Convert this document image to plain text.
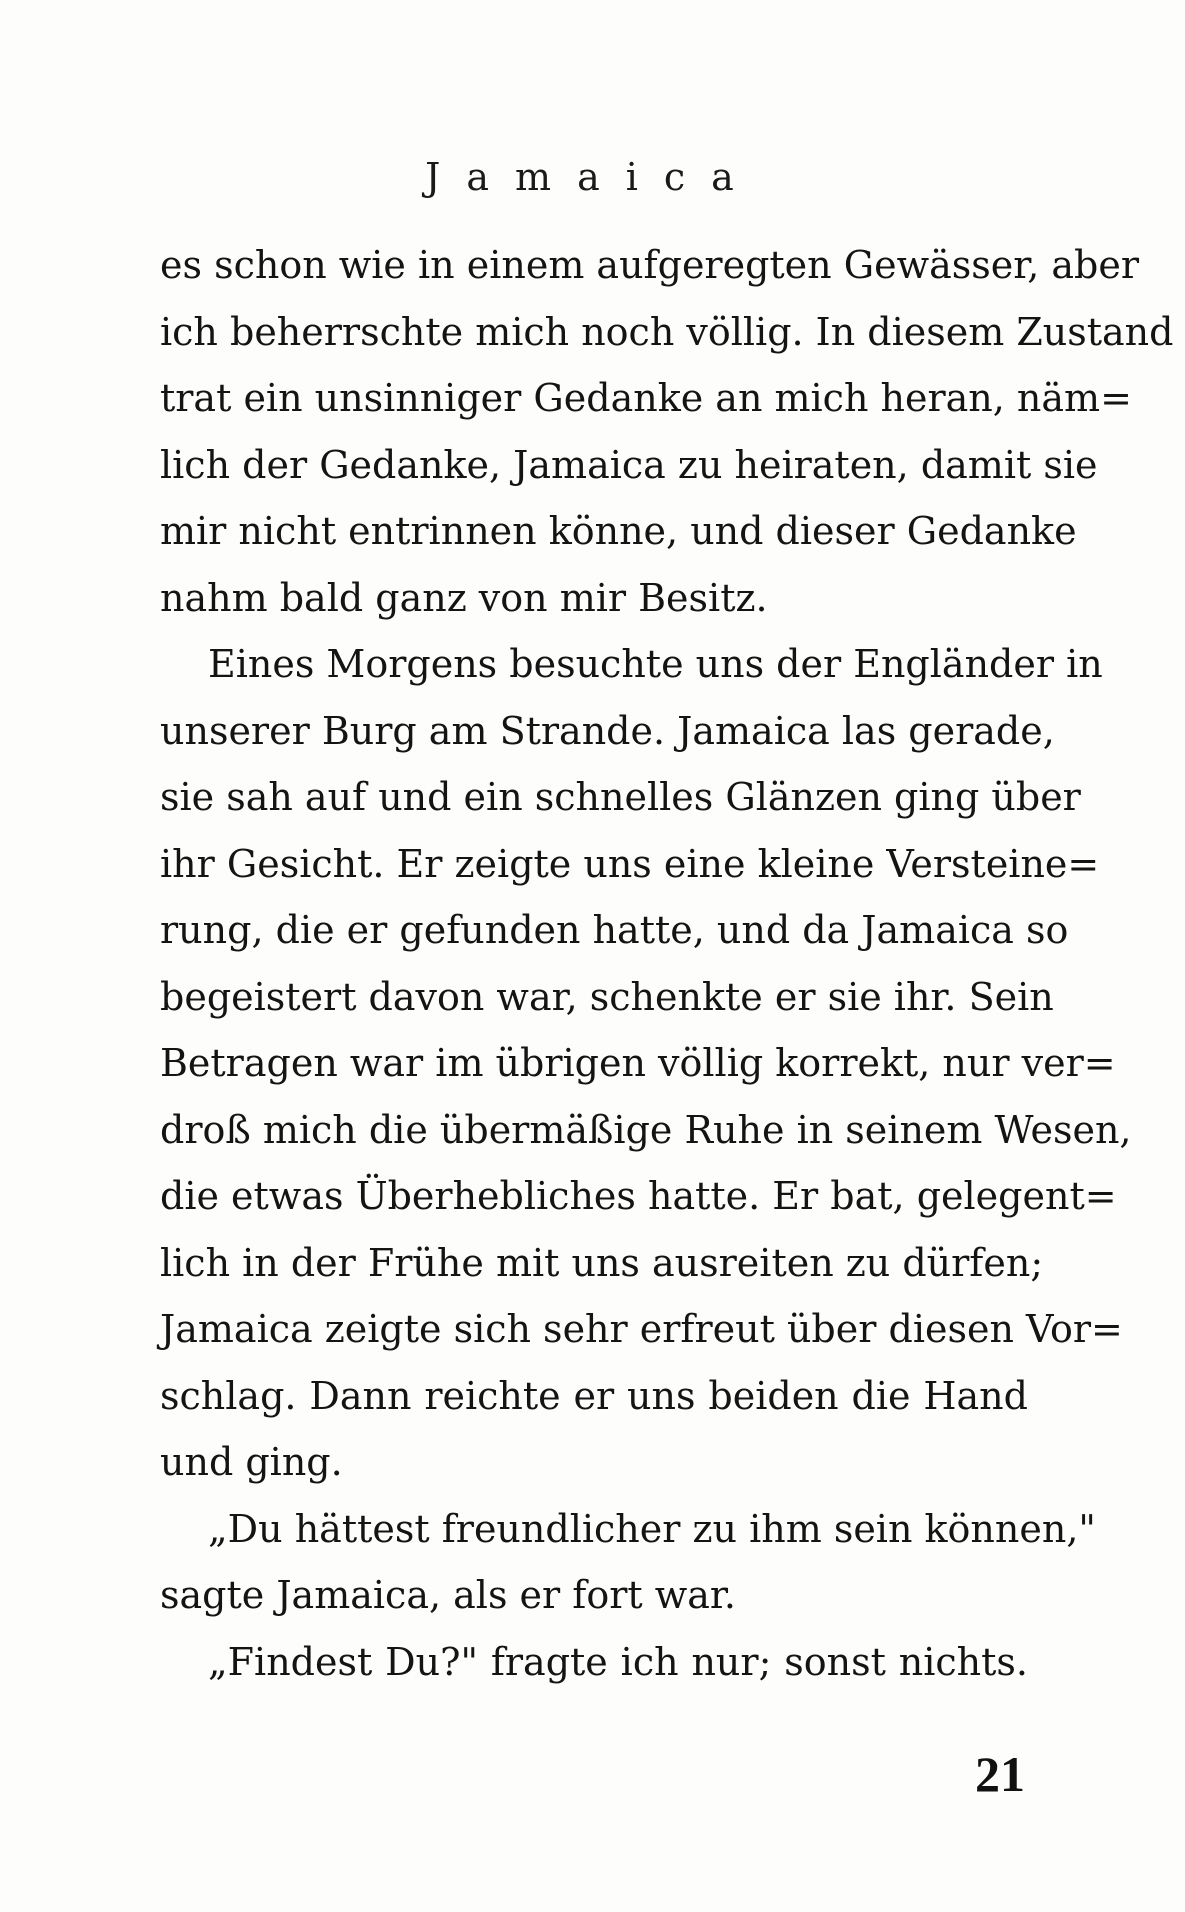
Jamaica
es schon wie in einem aufgeregten Gewässer, aber
ich beherrschte mich noch völlig. In diesem Zustand
trat ein unsinniger Gedanke an mich heran, näm=
lich der Gedanke, Jamaica zu heiraten, damit sie
mir nicht entrinnen könne, und dieser Gedanke
nahm bald ganz von mir Besitz.
Eines Morgens besuchte uns der Engländer in
unserer Burg am Strande. Jamaica las gerade,
sie sah auf und ein schnelles Glänzen ging über
ihr Gesicht. Er zeigte uns eine kleine Versteine=
rung, die er gefunden hatte, und da Jamaica so
begeistert davon war, schenkte er sie ihr. Sein
Betragen war im übrigen völlig korrekt, nur ver=
droß mich die übermäßige Ruhe in seinem Wesen,
die etwas Überhebliches hatte. Er bat, gelegent=
lich in der Frühe mit uns ausreiten zu dürfen;
Jamaica zeigte sich sehr erfreut über diesen Vor=
schlag. Dann reichte er uns beiden die Hand
und ging.
„Du hättest freundlicher zu ihm sein können,"
sagte Jamaica, als er fort war.
„Findest Du?" fragte ich nur; sonst nichts.
21
